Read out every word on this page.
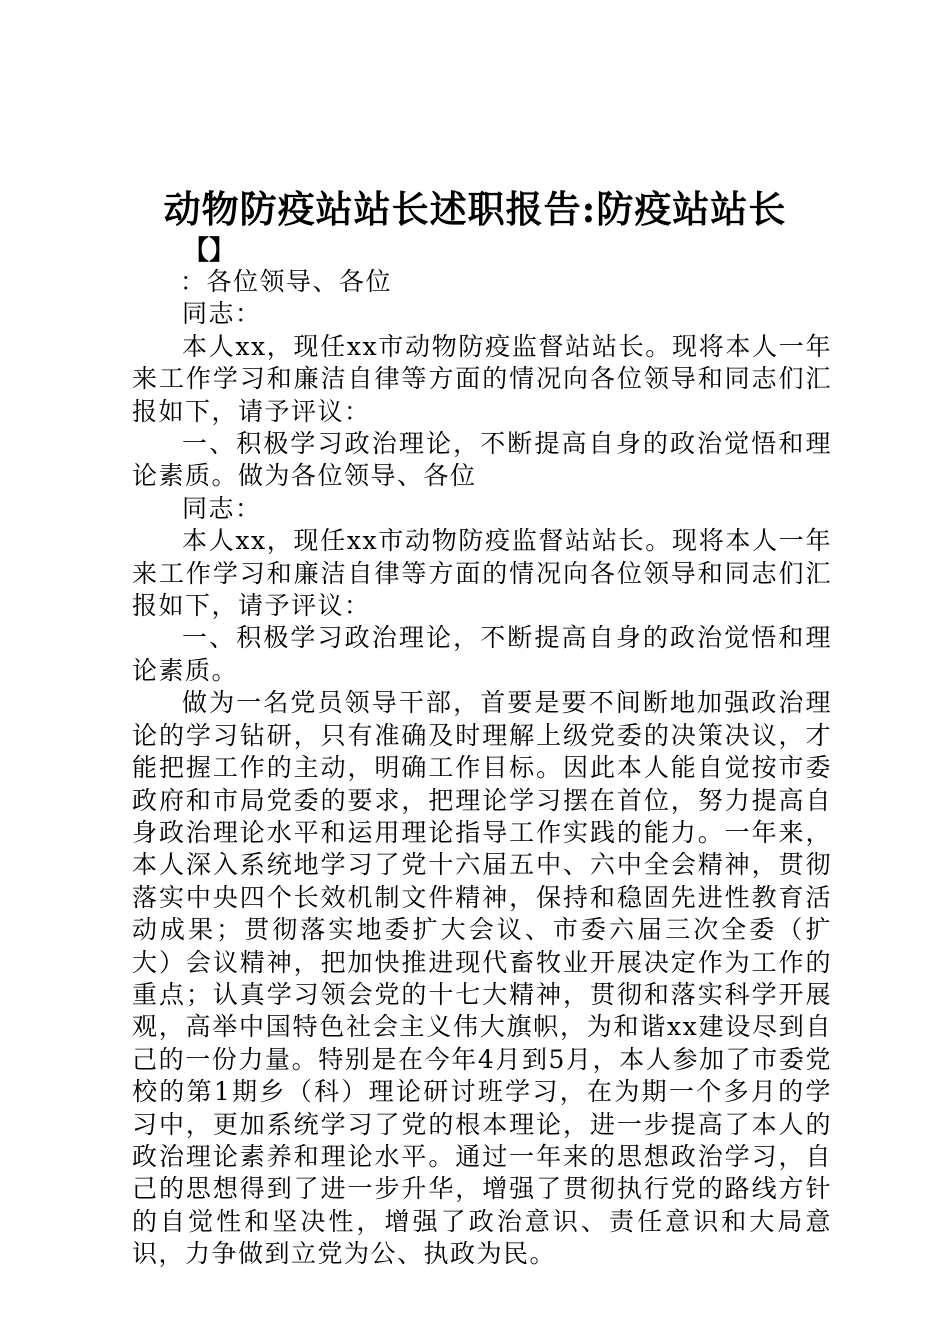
动物防疫站站长述职报告:防疫站站长
【】

：各位领导、各位

同志：

本人xx，现任xx市动物防疫监督站站长。现将本人一年来工作学习和廉洁自律等方面的情况向各位领导和同志们汇报如下，请予评议：

一、积极学习政治理论，不断提高自身的政治觉悟和理论素质。做为各位领导、各位

同志：

本人xx，现任xx市动物防疫监督站站长。现将本人一年来工作学习和廉洁自律等方面的情况向各位领导和同志们汇报如下，请予评议：

一、积极学习政治理论，不断提高自身的政治觉悟和理论素质。

做为一名党员领导干部，首要是要不间断地加强政治理论的学习钻研，只有准确及时理解上级党委的决策决议，才能把握工作的主动，明确工作目标。因此本人能自觉按市委政府和市局党委的要求，把理论学习摆在首位，努力提高自身政治理论水平和运用理论指导工作实践的能力。一年来，本人深入系统地学习了党十六届五中、六中全会精神，贯彻落实中央四个长效机制文件精神，保持和稳固先进性教育活动成果；贯彻落实地委扩大会议、市委六届三次全委（扩大）会议精神，把加快推进现代畜牧业开展决定作为工作的重点；认真学习领会党的十七大精神，贯彻和落实科学开展观，高举中国特色社会主义伟大旗帜，为和谐xx建设尽到自己的一份力量。特别是在今年4月到5月，本人参加了市委党校的第1期乡（科）理论研讨班学习，在为期一个多月的学习中，更加系统学习了党的根本理论，进一步提高了本人的政治理论素养和理论水平。通过一年来的思想政治学习，自己的思想得到了进一步升华，增强了贯彻执行党的路线方针的自觉性和坚决性，增强了政治意识、责任意识和大局意识，力争做到立党为公、执政为民。
